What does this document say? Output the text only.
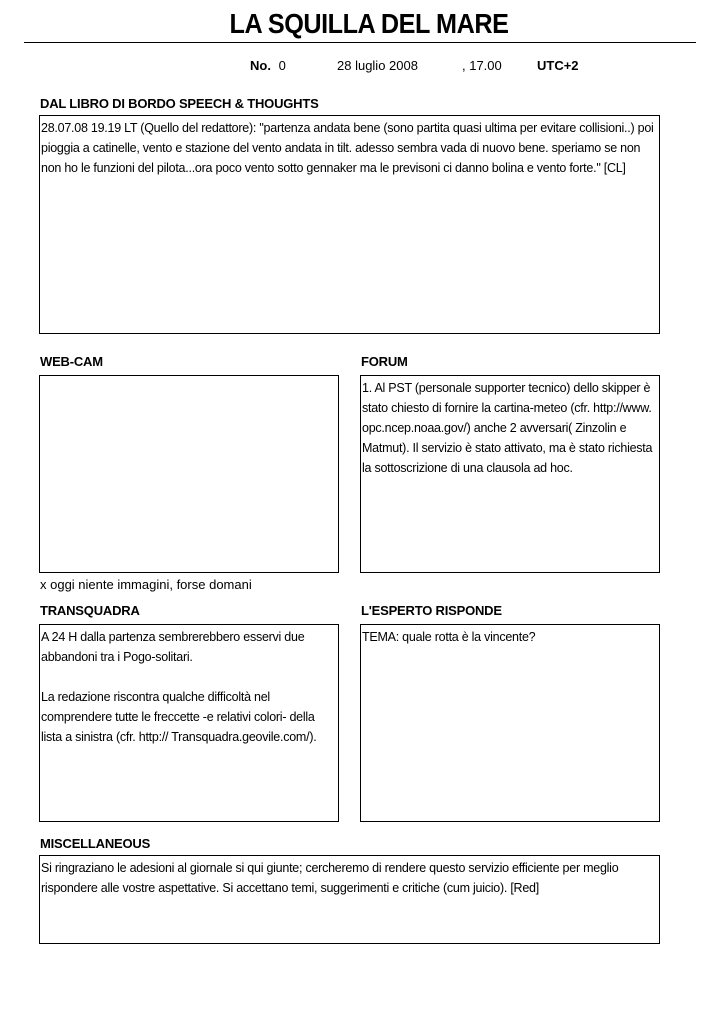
LA SQUILLA DEL MARE
No. 0	28 luglio 2008	, 17.00	UTC+2
DAL LIBRO DI BORDO SPEECH & THOUGHTS
28.07.08 19.19 LT (Quello del redattore): "partenza andata bene (sono partita quasi ultima per evitare collisioni..) poi
pioggia a catinelle, vento e stazione del vento andata in tilt. adesso sembra vada di nuovo bene. speriamo se non
non ho le funzioni del pilota...ora poco vento sotto gennaker ma le previsoni ci danno bolina e vento forte." [CL]
WEB-CAM
x oggi niente immagini, forse domani
FORUM
1. Al PST (personale supporter tecnico) dello skipper è
stato chiesto di fornire la cartina-meteo (cfr. http://www.
opc.ncep.noaa.gov/) anche 2 avversari( Zinzolin e
Matmut). Il servizio è stato attivato, ma è stato richiesta
la sottoscrizione di una clausola ad hoc.
TRANSQUADRA
A 24 H dalla partenza sembrerebbero esservi due
abbandoni tra i Pogo-solitari.

La redazione riscontra qualche difficoltà nel
comprendere tutte le freccette -e relativi colori- della
lista a sinistra (cfr. http:// Transquadra.geovile.com/).
L'ESPERTO RISPONDE
TEMA: quale rotta è la vincente?
MISCELLANEOUS
Si ringraziano le adesioni al giornale si qui giunte; cercheremo di rendere questo servizio efficiente per meglio
rispondere alle vostre aspettative. Si accettano temi, suggerimenti e critiche (cum juicio). [Red]
